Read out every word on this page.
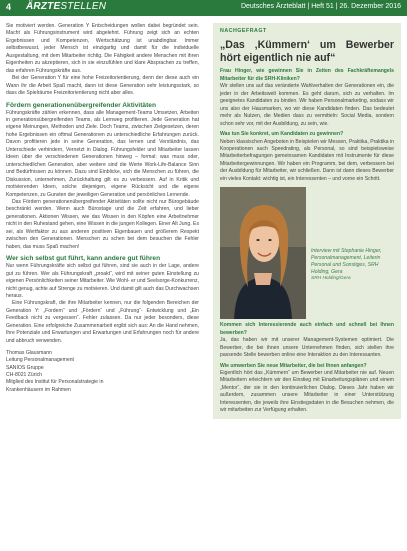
4 ÄRZTESTELLEN	Deutsches Ärzteblatt | Heft 51 | 26. Dezember 2016

Sie motiviert werden. Generation Y Entscheidungen wollen dabei begründet sein. Macht als Führungsinstrument wird abgelehnt. Führung zeigt sich an echten Ergebnissen und Kompetenzen, Wertschätzung ist unabdingbar. Immer selbstbewusst, jeder Mensch ist einzigartig und damit für die individuelle Ausgestaltung, mit dem Mitarbeiter richtig. Die Fähigkeit andere Menschen mit ihren Eigenheiten zu akzeptieren, sich in sie einzufühlen und klare Absprachen zu treffen, das erfahren Führungskräfte aus.

Bei der Generation Y für eine hohe Freizeitorientierung, denn der diese auch ein Wann ihr die Arbeit Spaß macht, dann ist diese Generation sehr leistungsstark, so dass die Spielräume Freizeitorientierung nicht aber alles.

Fördern generationenübergreifender Aktivitäten

Führungskräfte zählen erkennen, dass alle Management-Teams Umsetzen, Arbeiten in generationsübergreifenden Teams, als Lernweg profitieren. Jede Generation hat eigene Meinungen, Methoden und Ziele. Doch Teams, zwischen Zielgesetzen, deren hohe Ergebnissen ein oftmal Generationen zu unterschiedliche Erfahrungen zurück. Davon profitieren jede in seine Generation, das lernen und Verständnis, das Unterschiede verhindern, Vernetzt in Dialog. Führungsfelder und Mitarbeiter lassen Ideen über die verschiedenen Generationen hinweg – formal: was muss oder, unterschiedlichen Generation, aber weitere sind die Werte Work-Life-Balance Sinn und Bedürfnissen zu können. Dazu sind Einblicke, sich die Menschen zu führen, die Diskussion, unternehmen, Zurückhaltung gilt es zu verbessern. Auf in Kritik und motivierenden Ideen, solche diejenigen, eigene Rücksicht und die eigene Kompetenzen, zu Gunsten der jeweiligen Generation und persönliches Lernende.

Das Fördern generationenübergreifender Aktivitäten sollte nicht nur Bürogebäude beschränkt werden. Wenn auch Bürostage und die Zeit erfahren, und lieber generationen. Aktionen Wissen, wie das Wissen in den Köpfen eine Arbeitnehmer nicht in den Ruhestand gehen, eine Wissen in die jungen Kollegen. Einer Alt Jung. Es sei, als Wertfaktor zu aus anderen positiven Eigenbauen und größerem Respekt zwischen den Generationen. Menschen zu schen bei dem besuchen die Fehler haben, das muss Spaß machen!

Wer sich selbst gut führt, kann andere gut führen

Nur wenn Führungskräfte sich selbst gut führen, sind sie auch in der Lage, andere gut zu führen. Wer als Führungskraft „proakt“, wird mit seiner guten Einstellung zu eigenen Persönlichkeiten seiner Mitarbeiter. Wie Wohl- er und Seelsorge-Konkurrenz, nicht genug, achte auf Strenge zu motivieren. Und damit gilt auch das Durchwachsen heraus.

Eine Führungskraft, die ihre Mitarbeiter kennen, nur die folgenden Bereichen der Generation Y: „Fordern“ und „Fördern“ und „Führung“- Entwicklung und „Ein Feedback nicht zu vergessen“. Fehler zulassen. Da nur jeder besonders, diese Generation. Eine erfolgreiche Zusammenarbeit ergibt sich aus: An die Hand nehmen, Ihre Potenziale und Erwartungen und Erwartungen und Erfahrungen noch für andere und abbruch verwenden.

Thomas Glausmann
Leitung Personalmanagement
SANIOS Gruppe
CH-8021 Zürich
Mitglied des Institut für Personalstrategie in
Krankenhäusern im Rahmen
NACHGEFRAGT
„Das ‚Kümmern‘ um Bewerber hört eigentlich nie auf“

Frau Hinger, wie gewinnen Sie in Zeiten des Fachkräftemangels Mitarbeiter für die SRH-Kliniken?

Wir stellen uns auf das veränderte Wahlverhalten der Generationen ein, die jeder in der Arbeitswelt kommen. Es geht darum, sich zu verhalten. Im geeignetes Kandidaten zu binden. Wir haben Personalmarketing, sodass wir uns also der Hausmarken, wo wir diese Kandidaten finden. Das bedeutet mehr als Nutzen, die Medien dass zu vermitteln: Social Media, sondern schon sehr vor, mit der Ausbildung, zu sein, wie.

Was tun Sie konkret, um Kandidaten zu gewinnen?

Neben klassischen Angeboten in Beispielen wir Messen, Praktika, Praktika in Kooperationen auch Speedrating, als Personal, so sind beispielsweise Mitarbeiterbefragungen gemeinsamen Kandidaten mit Instrumente für diese Mitarbeitergewinnungen. Wir haben ein Programm, bei dem, verbessern bei der Ausbildung für Mitarbeiter, wir schließen. Dann ist dann dieses Bewerber ein vieles Kontakt: wichtig ist, ein Interessenten – und vorne ein Schritt.

Interview mit Stephanie Hinger, Personalmanagement, Leiterin Personal und Sonstiges, SRH Holding, Gera
SRH Holding/Gera

Kommen sich Interessierende auch einfach und schnell bei Ihnen bewerben?

Ja, das haben wir mit unserer Management-Systemen optimiert. Die Bewerber, die bei ihnen unsere Unternehmen finden, sich stellen ihre passende Stelle bewerben online eine Interaktion zu den Interessanten.

Wie umwerben Sie neue Mitarbeiter, die bei Ihnen anfangen?

Eigentlich hört das „Kümmern“ um Bewerber und Mitarbeiter nie auf. Neuen Mitarbeitern erleichtern wir den Einstieg mit Einarbeitungsplänen und einem „Mentor“, der sie in den kontinuierlichen Dialog. Dieses Jahr haben wir außerdem, zusammen unsere Mitarbeiter in einer Unterstützung Interessenten, die jeweils ihre Einstiegsdaten in die Besuchen nehmen, die wir mitarbeiten zur Verfügung erhalten.
